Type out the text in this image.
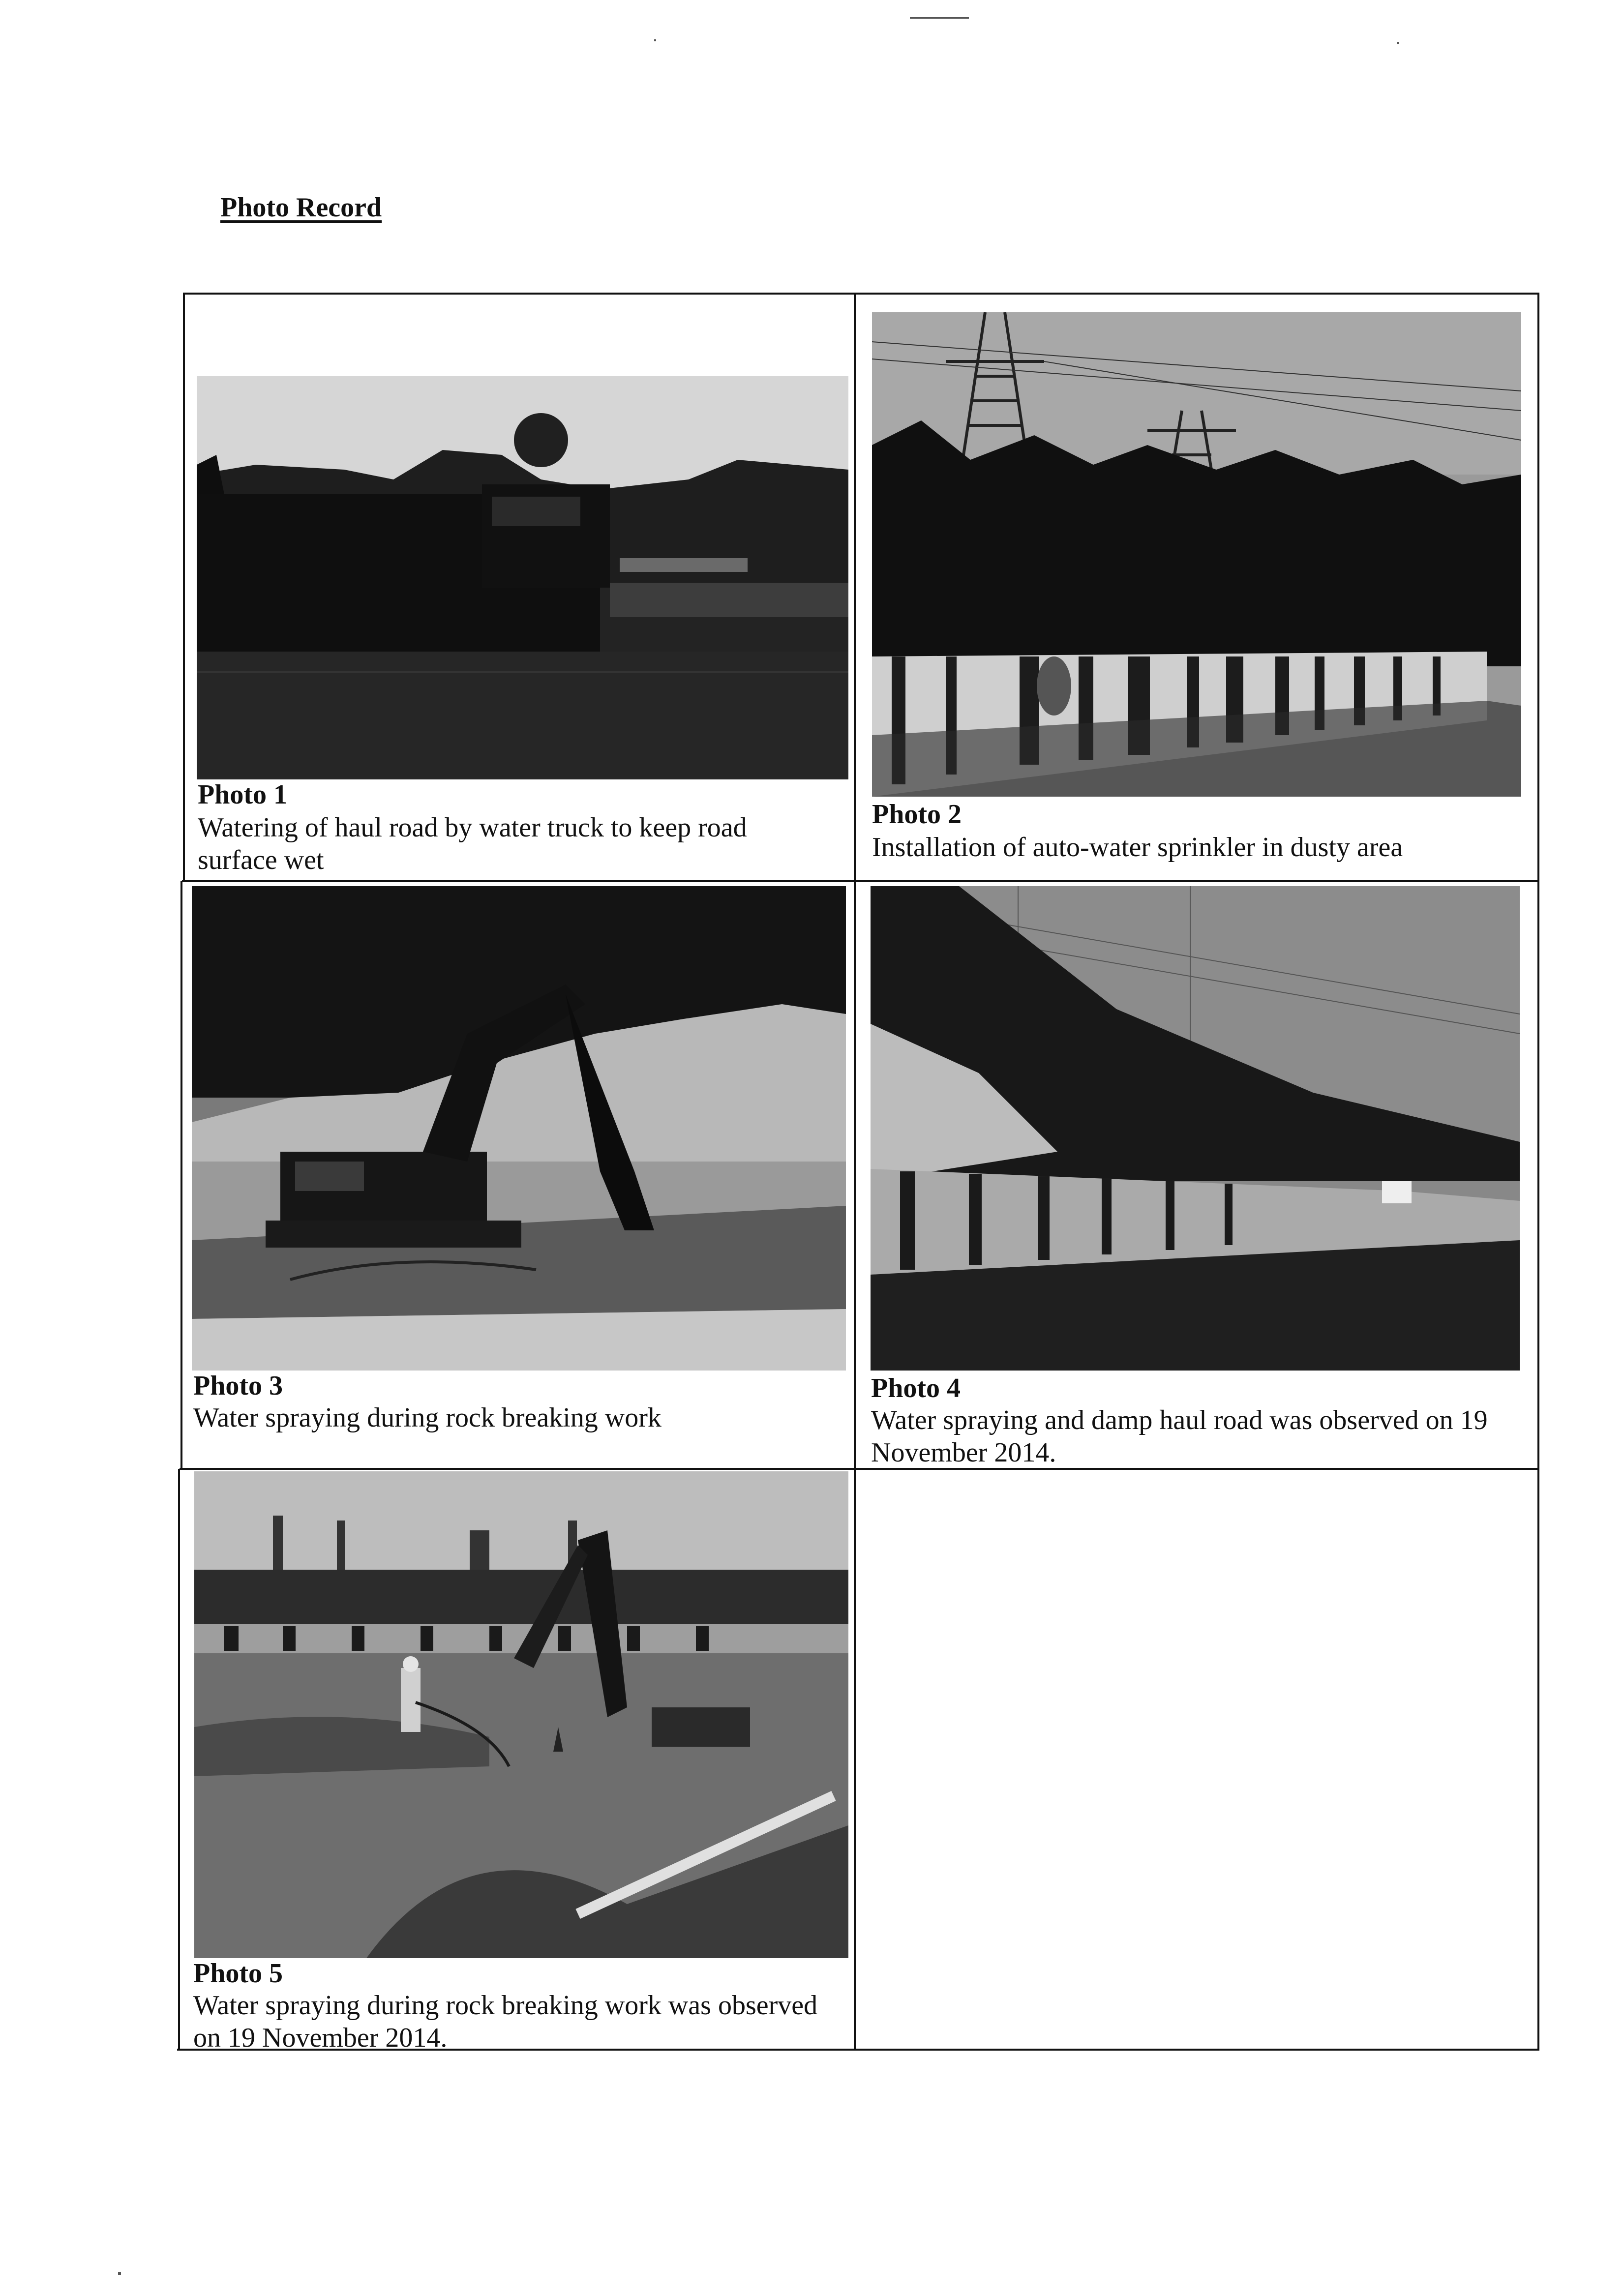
Photo Record
Photo 1
Watering of haul road by water truck to keep road surface wet
Photo 2
Installation of auto-water sprinkler in dusty area
Photo 3
Water spraying during rock breaking work
Photo 4
Water spraying and damp haul road was observed on 19 November 2014.
Photo 5
Water spraying during rock breaking work was observed on 19 November 2014.
